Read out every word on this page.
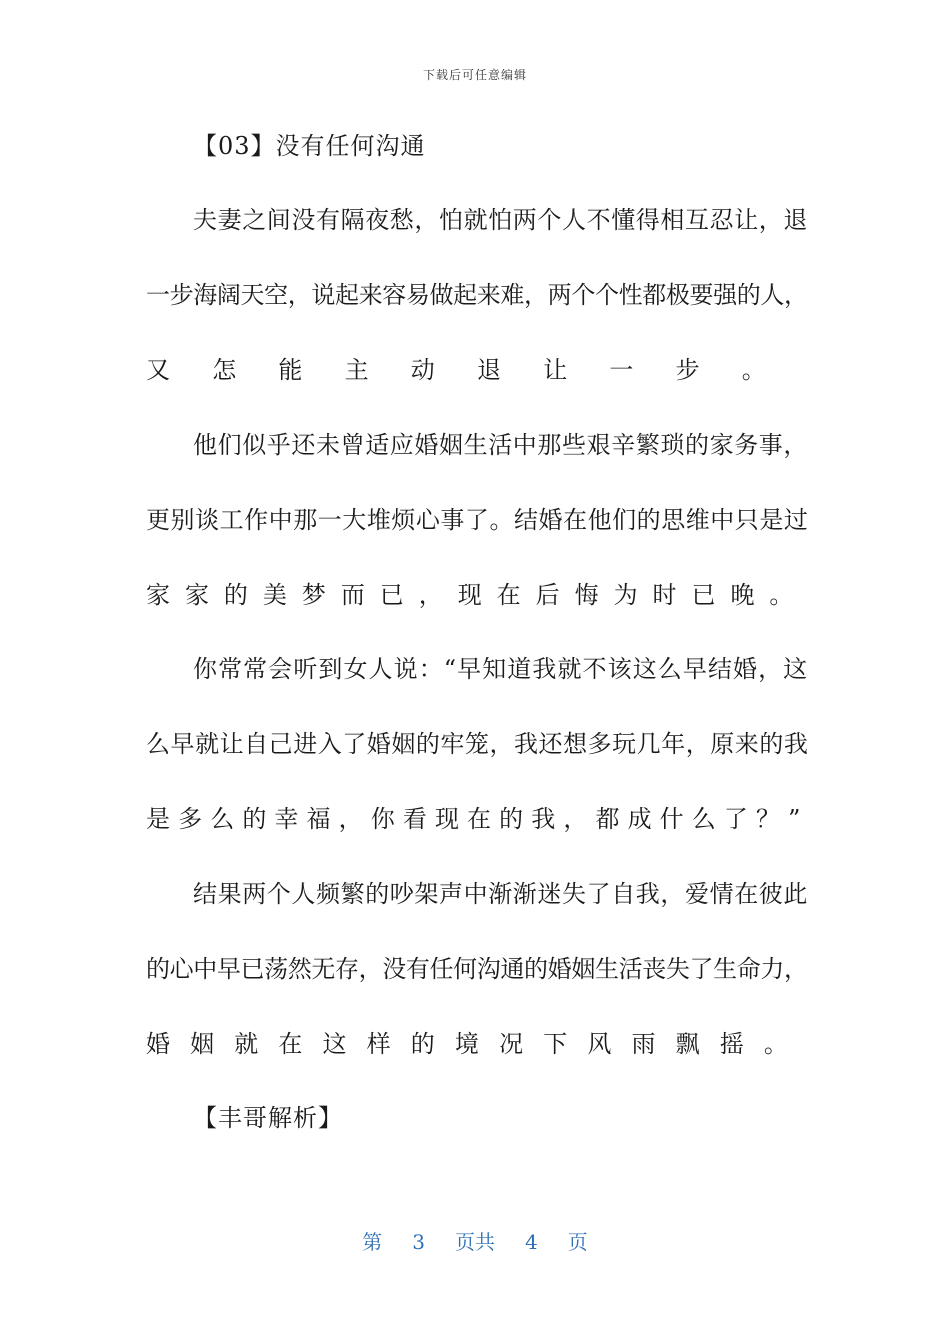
下载后可任意编辑
【03】没有任何沟通
夫妻之间没有隔夜愁，怕就怕两个人不懂得相互忍让，退
一步海阔天空，说起来容易做起来难，两个个性都极要强的人，
又怎能主动退让一步。
他们似乎还未曾适应婚姻生活中那些艰辛繁琐的家务事，
更别谈工作中那一大堆烦心事了。结婚在他们的思维中只是过
家家的美梦而已，现在后悔为时已晚。
你常常会听到女人说：“早知道我就不该这么早结婚，这
么早就让自己进入了婚姻的牢笼，我还想多玩几年，原来的我
是多么的幸福，你看现在的我，都成什么了？”
结果两个人频繁的吵架声中渐渐迷失了自我，爱情在彼此
的心中早已荡然无存，没有任何沟通的婚姻生活丧失了生命力，
婚姻就在这样的境况下风雨飘摇。
【丰哥解析】
第 3 页共 4 页
